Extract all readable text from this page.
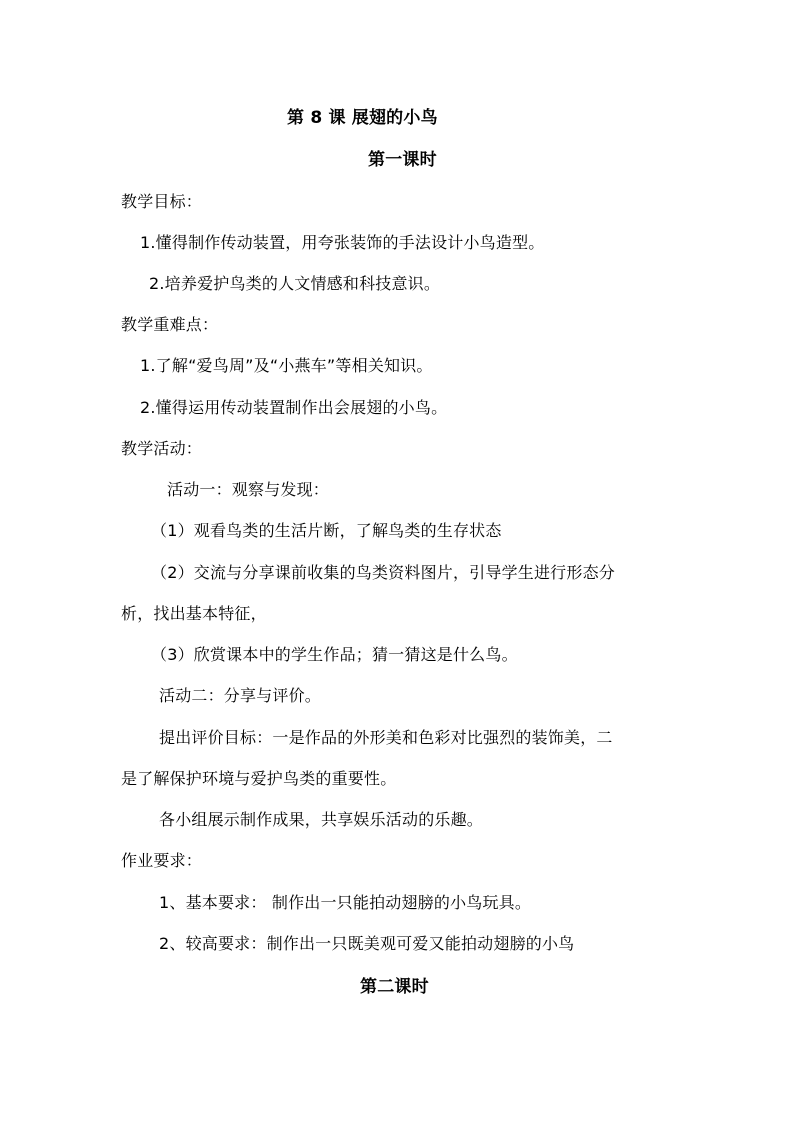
第 8 课 展翅的小鸟
第一课时
教学目标：
1.懂得制作传动装置，用夸张装饰的手法设计小鸟造型。
2.培养爱护鸟类的人文情感和科技意识。
教学重难点：
1.了解“爱鸟周”及“小燕车”等相关知识。
2.懂得运用传动装置制作出会展翅的小鸟。
教学活动：
活动一：观察与发现：
（1）观看鸟类的生活片断，了解鸟类的生存状态
（2）交流与分享课前收集的鸟类资料图片，引导学生进行形态分
析，找出基本特征，
（3）欣赏课本中的学生作品；猜一猜这是什么鸟。
活动二：分享与评价。
提出评价目标：一是作品的外形美和色彩对比强烈的装饰美，二
是了解保护环境与爱护鸟类的重要性。
各小组展示制作成果，共享娱乐活动的乐趣。
作业要求：
1、基本要求： 制作出一只能拍动翅膀的小鸟玩具。
2、较高要求：制作出一只既美观可爱又能拍动翅膀的小鸟
第二课时
